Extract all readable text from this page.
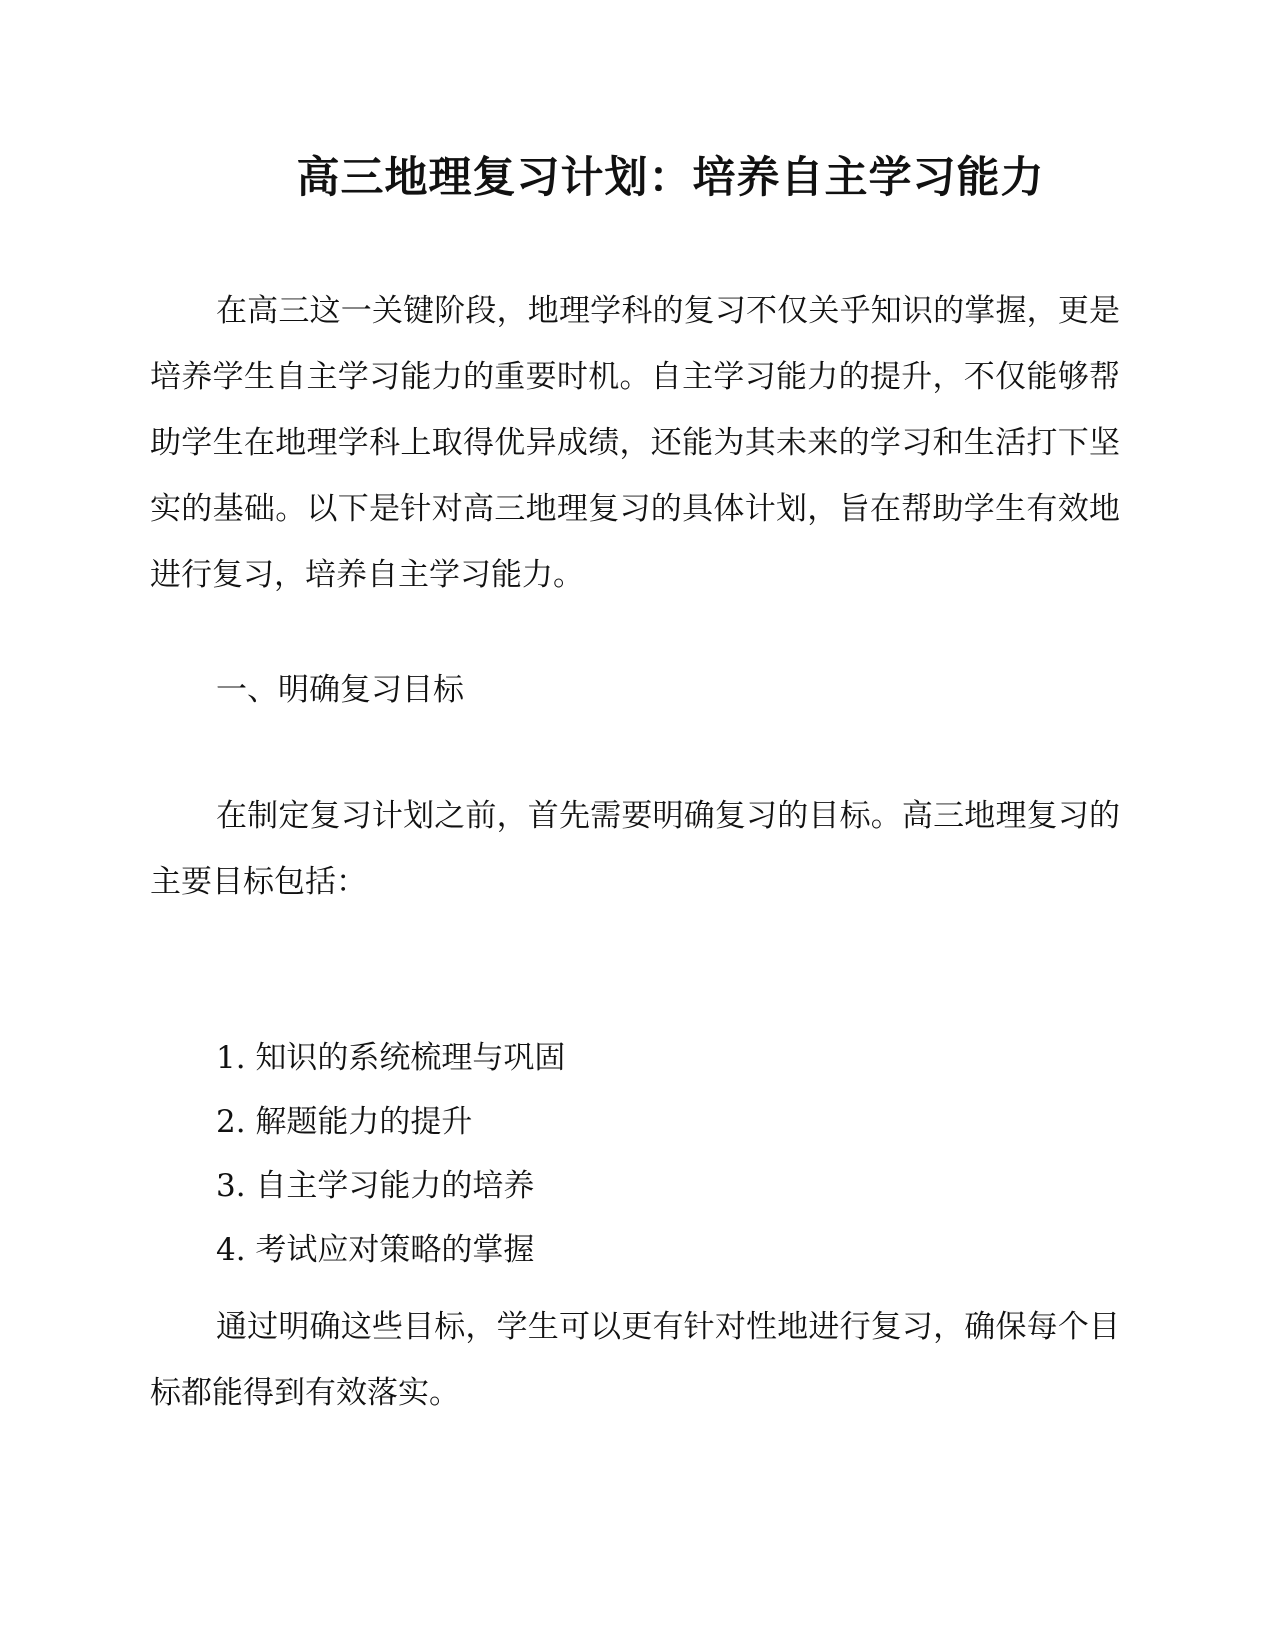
高三地理复习计划：培养自主学习能力

在高三这一关键阶段，地理学科的复习不仅关乎知识的掌握，更是培养学生自主学习能力的重要时机。自主学习能力的提升，不仅能够帮助学生在地理学科上取得优异成绩，还能为其未来的学习和生活打下坚实的基础。以下是针对高三地理复习的具体计划，旨在帮助学生有效地进行复习，培养自主学习能力。

一、明确复习目标

在制定复习计划之前，首先需要明确复习的目标。高三地理复习的主要目标包括：

1. 知识的系统梳理与巩固
2. 解题能力的提升
3. 自主学习能力的培养
4. 考试应对策略的掌握

通过明确这些目标，学生可以更有针对性地进行复习，确保每个目标都能得到有效落实。
